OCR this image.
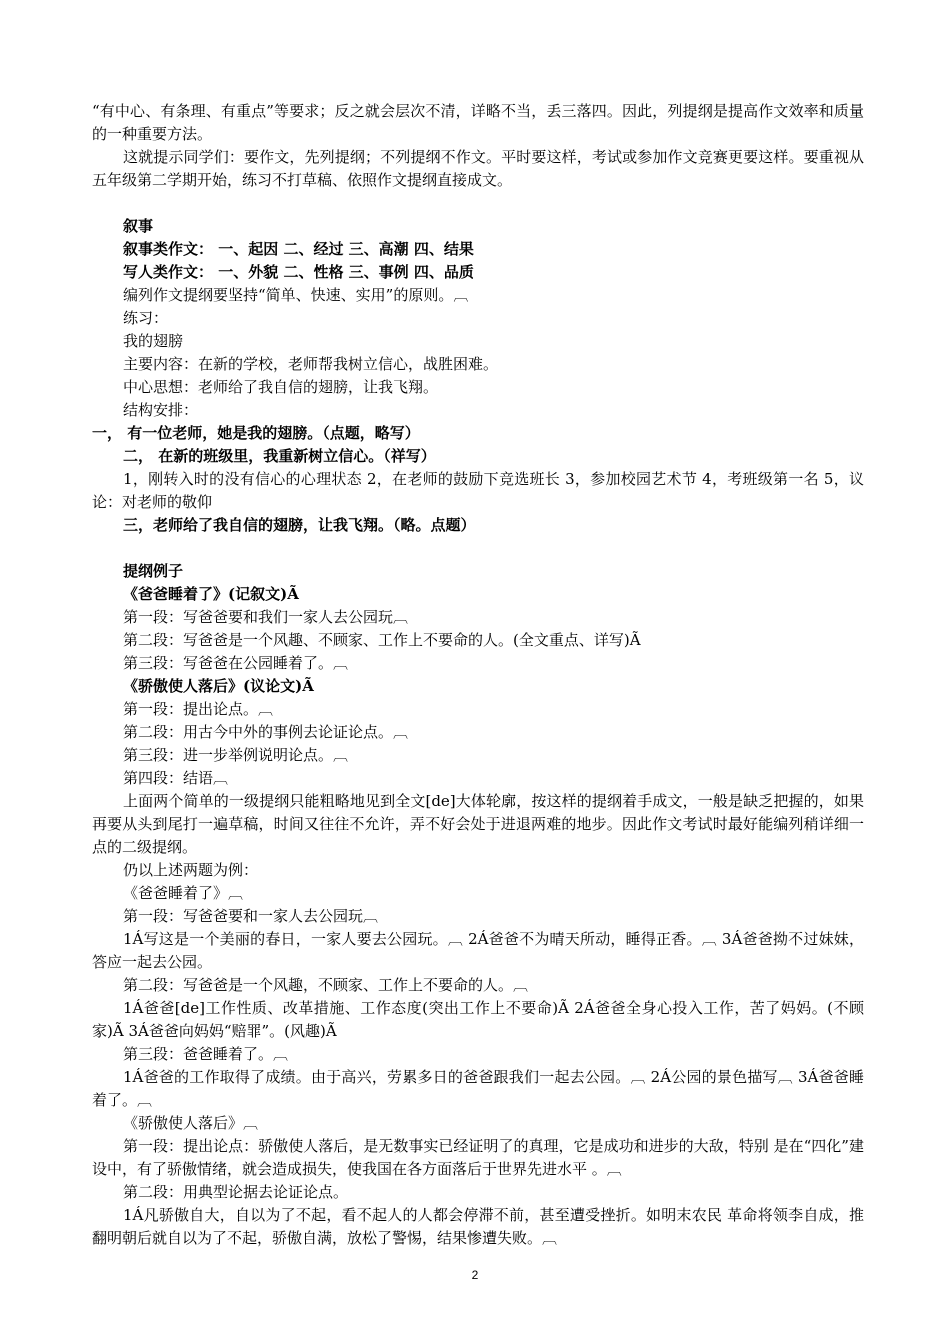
“有中心、有条理、有重点”等要求；反之就会层次不清，详略不当，丢三落四。因此，列提纲是提高作文效率和质量的一种重要方法。

这就提示同学们：要作文，先列提纲；不列提纲不作文。平时要这样，考试或参加作文竞赛更要这样。要重视从五年级第二学期开始，练习不打草稿、依照作文提纲直接成文。

叙事

叙事类作文： 一、起因 二、经过 三、高潮 四、结果

写人类作文： 一、外貌 二、性格 三、事例 四、品质

编列作文提纲要坚持“简单、快速、实用”的原则。︹

练习：

我的翅膀

主要内容：在新的学校，老师帮我树立信心，战胜困难。

中心思想：老师给了我自信的翅膀，让我飞翔。

结构安排：

一， 有一位老师，她是我的翅膀。（点题，略写）

二， 在新的班级里，我重新树立信心。（祥写）

1，刚转入时的没有信心的心理状态 2，在老师的鼓励下竞选班长 3，参加校园艺术节 4，考班级第一名 5，议论：对老师的敬仰

三，老师给了我自信的翅膀，让我飞翔。（略。点题）

提纲例子

《爸爸睡着了》(记叙文)Ã

第一段：写爸爸要和我们一家人去公园玩︹

第二段：写爸爸是一个风趣、不顾家、工作上不要命的人。(全文重点、详写)Ã

第三段：写爸爸在公园睡着了。︹

《骄傲使人落后》(议论文)Ã

第一段：提出论点。︹

第二段：用古今中外的事例去论证论点。︹

第三段：进一步举例说明论点。︹

第四段：结语︹

上面两个简单的一级提纲只能粗略地见到全文[de]大体轮廓，按这样的提纲着手成文，一般是缺乏把握的，如果再要从头到尾打一遍草稿，时间又往往不允许，弄不好会处于进退两难的地步。因此作文考试时最好能编列稍详细一点的二级提纲。

仍以上述两题为例：

《爸爸睡着了》︹

第一段：写爸爸要和一家人去公园玩︹

1Á写这是一个美丽的春日，一家人要去公园玩。︹ 2Á爸爸不为晴天所动，睡得正香。︹ 3Á爸爸拗不过妹妹，答应一起去公园。

第二段：写爸爸是一个风趣，不顾家、工作上不要命的人。︹

1Á爸爸[de]工作性质、改革措施、工作态度(突出工作上不要命)Ã 2Á爸爸全身心投入工作，苦了妈妈。(不顾家)Ã 3Á爸爸向妈妈“赔罪”。(风趣)Ã

第三段：爸爸睡着了。︹

1Á爸爸的工作取得了成绩。由于高兴，劳累多日的爸爸跟我们一起去公园。︹ 2Á公园的景色描写︹ 3Á爸爸睡着了。︹

《骄傲使人落后》︹

第一段：提出论点：骄傲使人落后，是无数事实已经证明了的真理，它是成功和进步的大敌，特别 是在“四化”建设中，有了骄傲情绪，就会造成损失，使我国在各方面落后于世界先进水平 。︹

第二段：用典型论据去论证论点。

1Á凡骄傲自大，自以为了不起，看不起人的人都会停滞不前，甚至遭受挫折。如明末农民 革命将领李自成，推翻明朝后就自以为了不起，骄傲自满，放松了警惕，结果惨遭失败。︹

2
